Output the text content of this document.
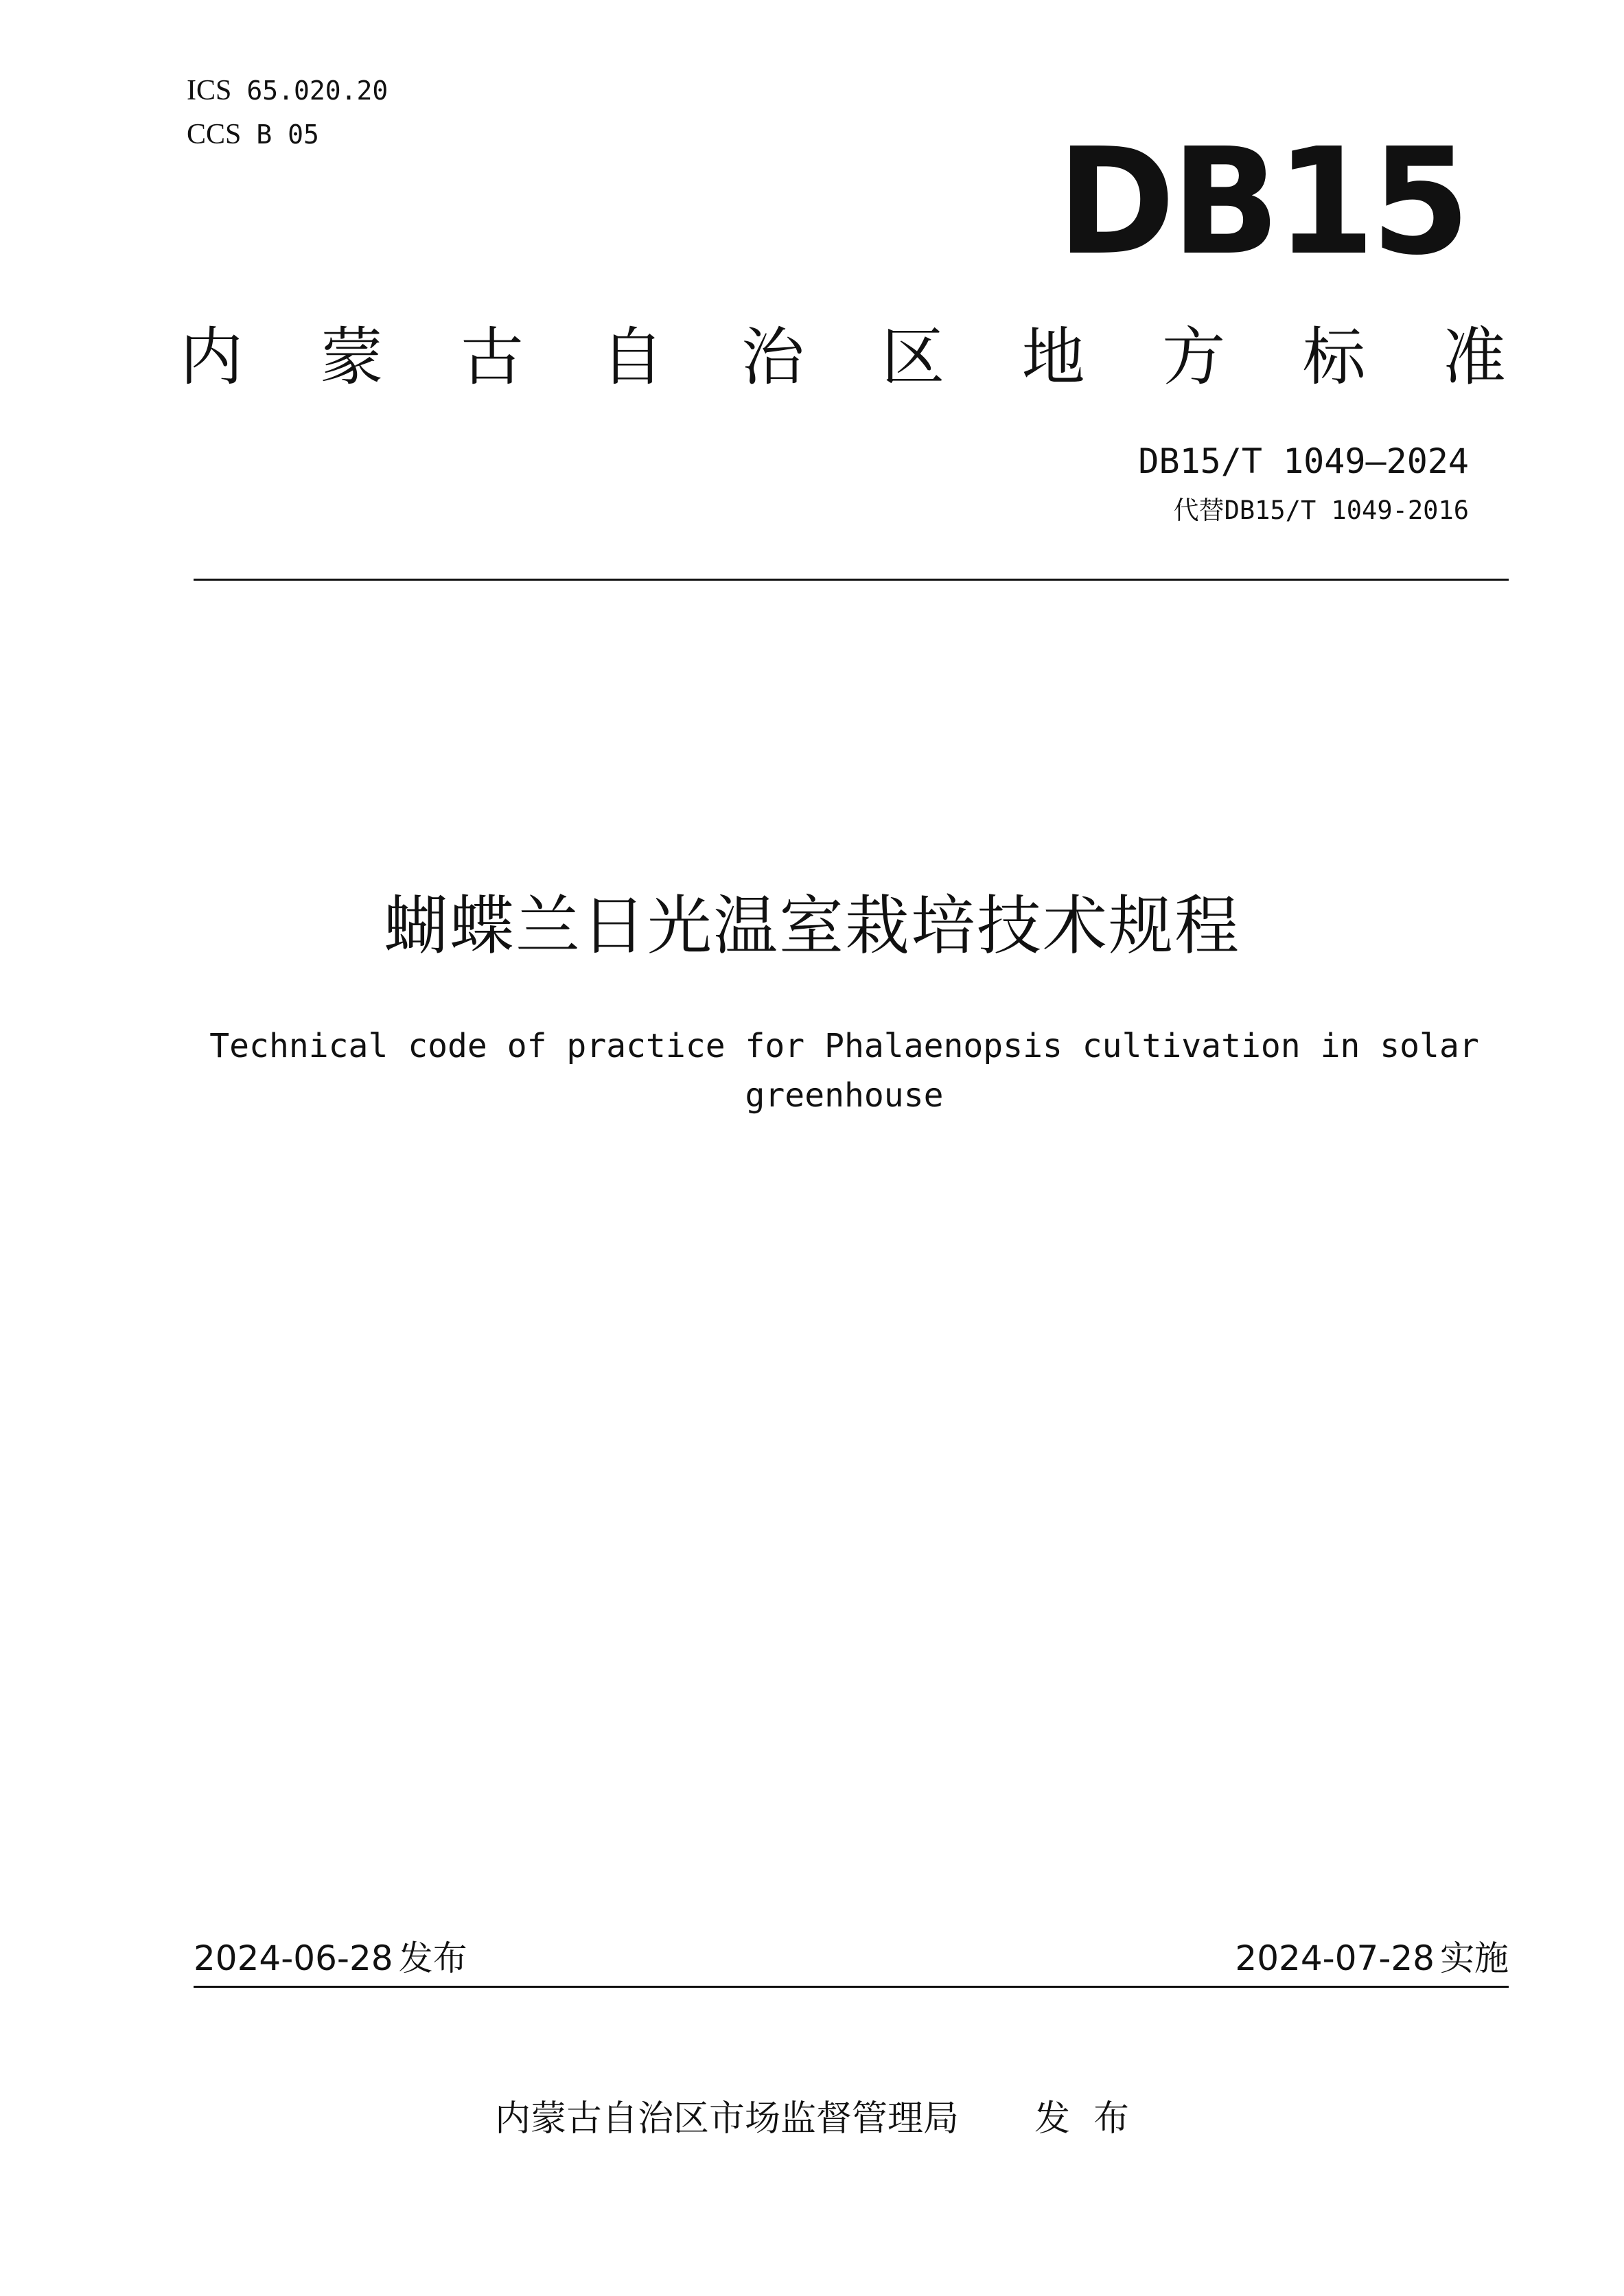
ICS 65.020.20
CCS B 05	DB15
内 蒙 古 自 治 区 地 方 标 准
DB15/T 1049—2024
代替DB15/T 1049-2016
蝴蝶兰日光温室栽培技术规程
Technical code of practice for Phalaenopsis cultivation in solar greenhouse
2024-06-28 发布	2024-07-28 实施
内蒙古自治区市场监督管理局 发 布
